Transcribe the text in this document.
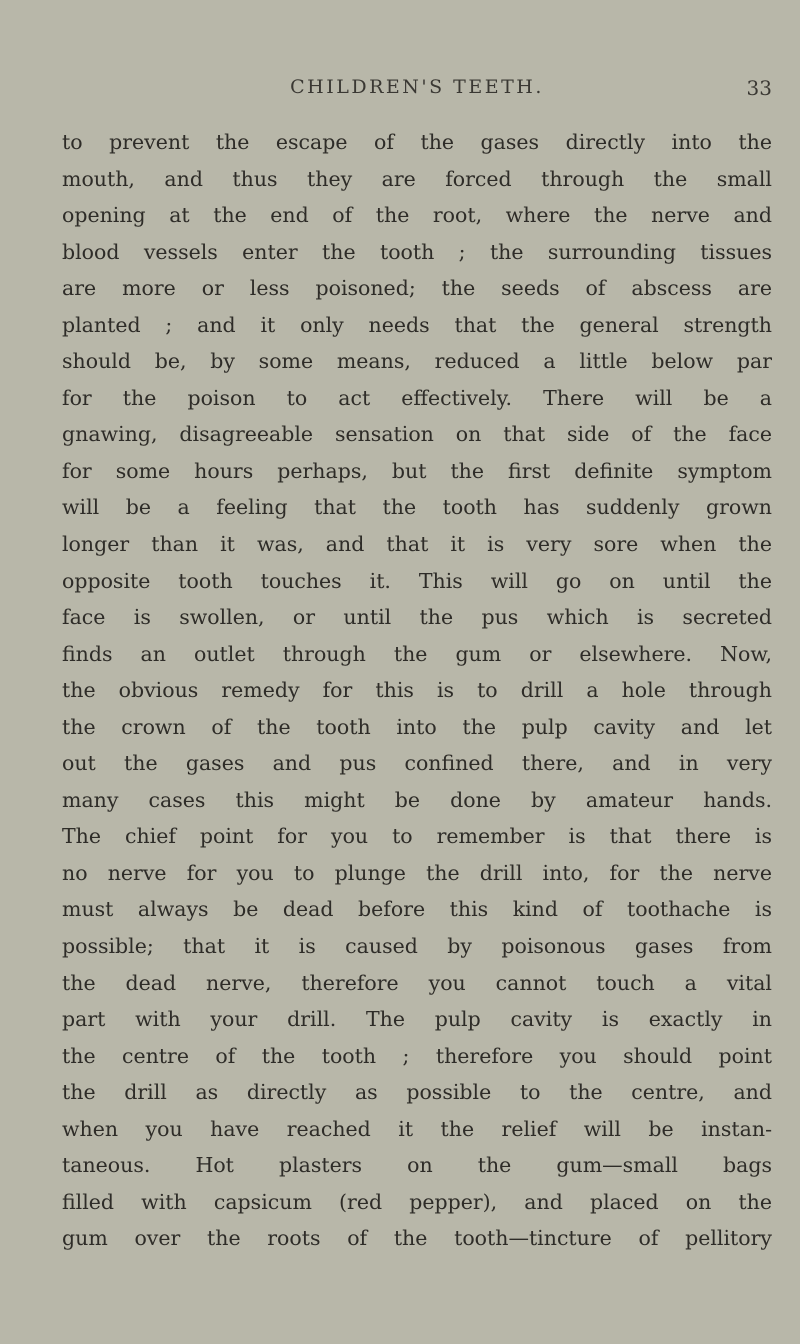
CHILDREN'S TEETH.	33
to prevent the escape of the gases directly into the
mouth, and thus they are forced through the small
opening at the end of the root, where the nerve and
blood vessels enter the tooth ; the surrounding tissues
are more or less poisoned; the seeds of abscess are
planted ; and it only needs that the general strength
should be, by some means, reduced a little below par
for the poison to act effectively. There will be a
gnawing, disagreeable sensation on that side of the face
for some hours perhaps, but the first definite symptom
will be a feeling that the tooth has suddenly grown
longer than it was, and that it is very sore when the
opposite tooth touches it. This will go on until the
face is swollen, or until the pus which is secreted
finds an outlet through the gum or elsewhere. Now,
the obvious remedy for this is to drill a hole through
the crown of the tooth into the pulp cavity and let
out the gases and pus confined there, and in very
many cases this might be done by amateur hands.
The chief point for you to remember is that there is
no nerve for you to plunge the drill into, for the nerve
must always be dead before this kind of toothache is
possible; that it is caused by poisonous gases from
the dead nerve, therefore you cannot touch a vital
part with your drill. The pulp cavity is exactly in
the centre of the tooth ; therefore you should point
the drill as directly as possible to the centre, and
when you have reached it the relief will be instan-
taneous. Hot plasters on the gum—small bags
filled with capsicum (red pepper), and placed on the
gum over the roots of the tooth—tincture of pellitory
